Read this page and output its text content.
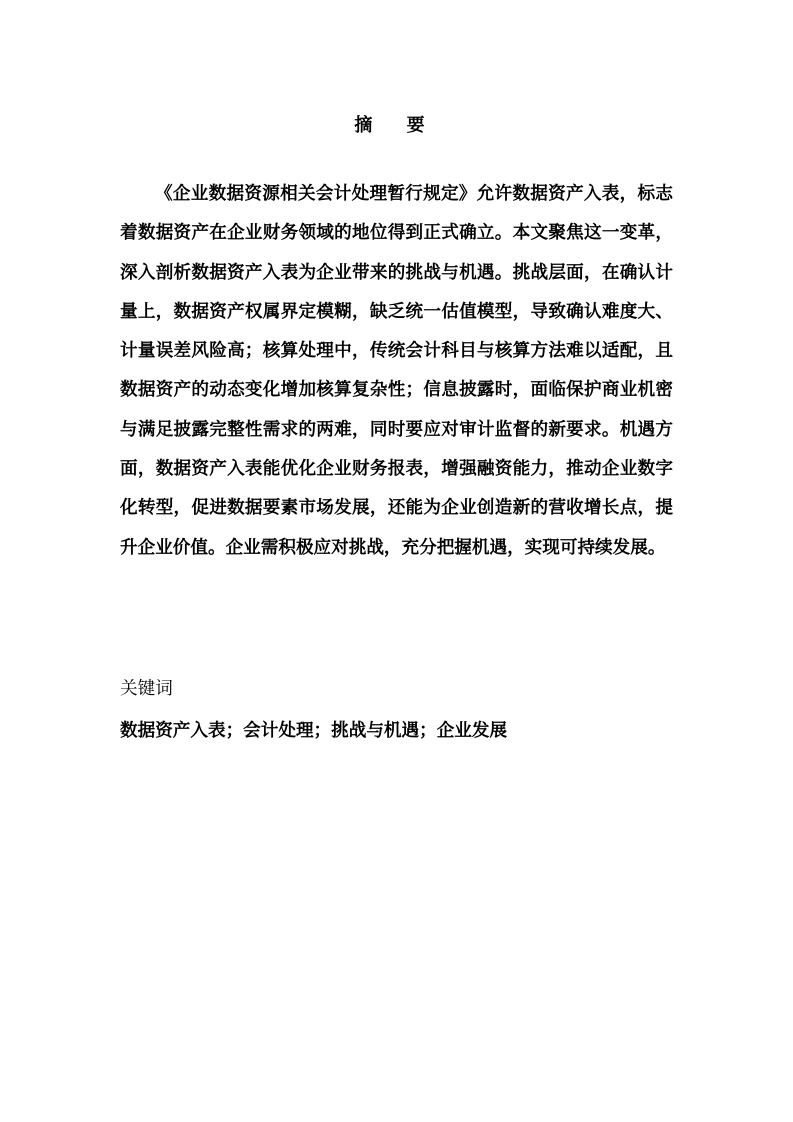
摘 要

《企业数据资源相关会计处理暂行规定》允许数据资产入表，标志着数据资产在企业财务领域的地位得到正式确立。本文聚焦这一变革，深入剖析数据资产入表为企业带来的挑战与机遇。挑战层面，在确认计量上，数据资产权属界定模糊，缺乏统一估值模型，导致确认难度大、计量误差风险高；核算处理中，传统会计科目与核算方法难以适配，且数据资产的动态变化增加核算复杂性；信息披露时，面临保护商业机密与满足披露完整性需求的两难，同时要应对审计监督的新要求。机遇方面，数据资产入表能优化企业财务报表，增强融资能力，推动企业数字化转型，促进数据要素市场发展，还能为企业创造新的营收增长点，提升企业价值。企业需积极应对挑战，充分把握机遇，实现可持续发展。

关键词
数据资产入表；会计处理；挑战与机遇；企业发展
